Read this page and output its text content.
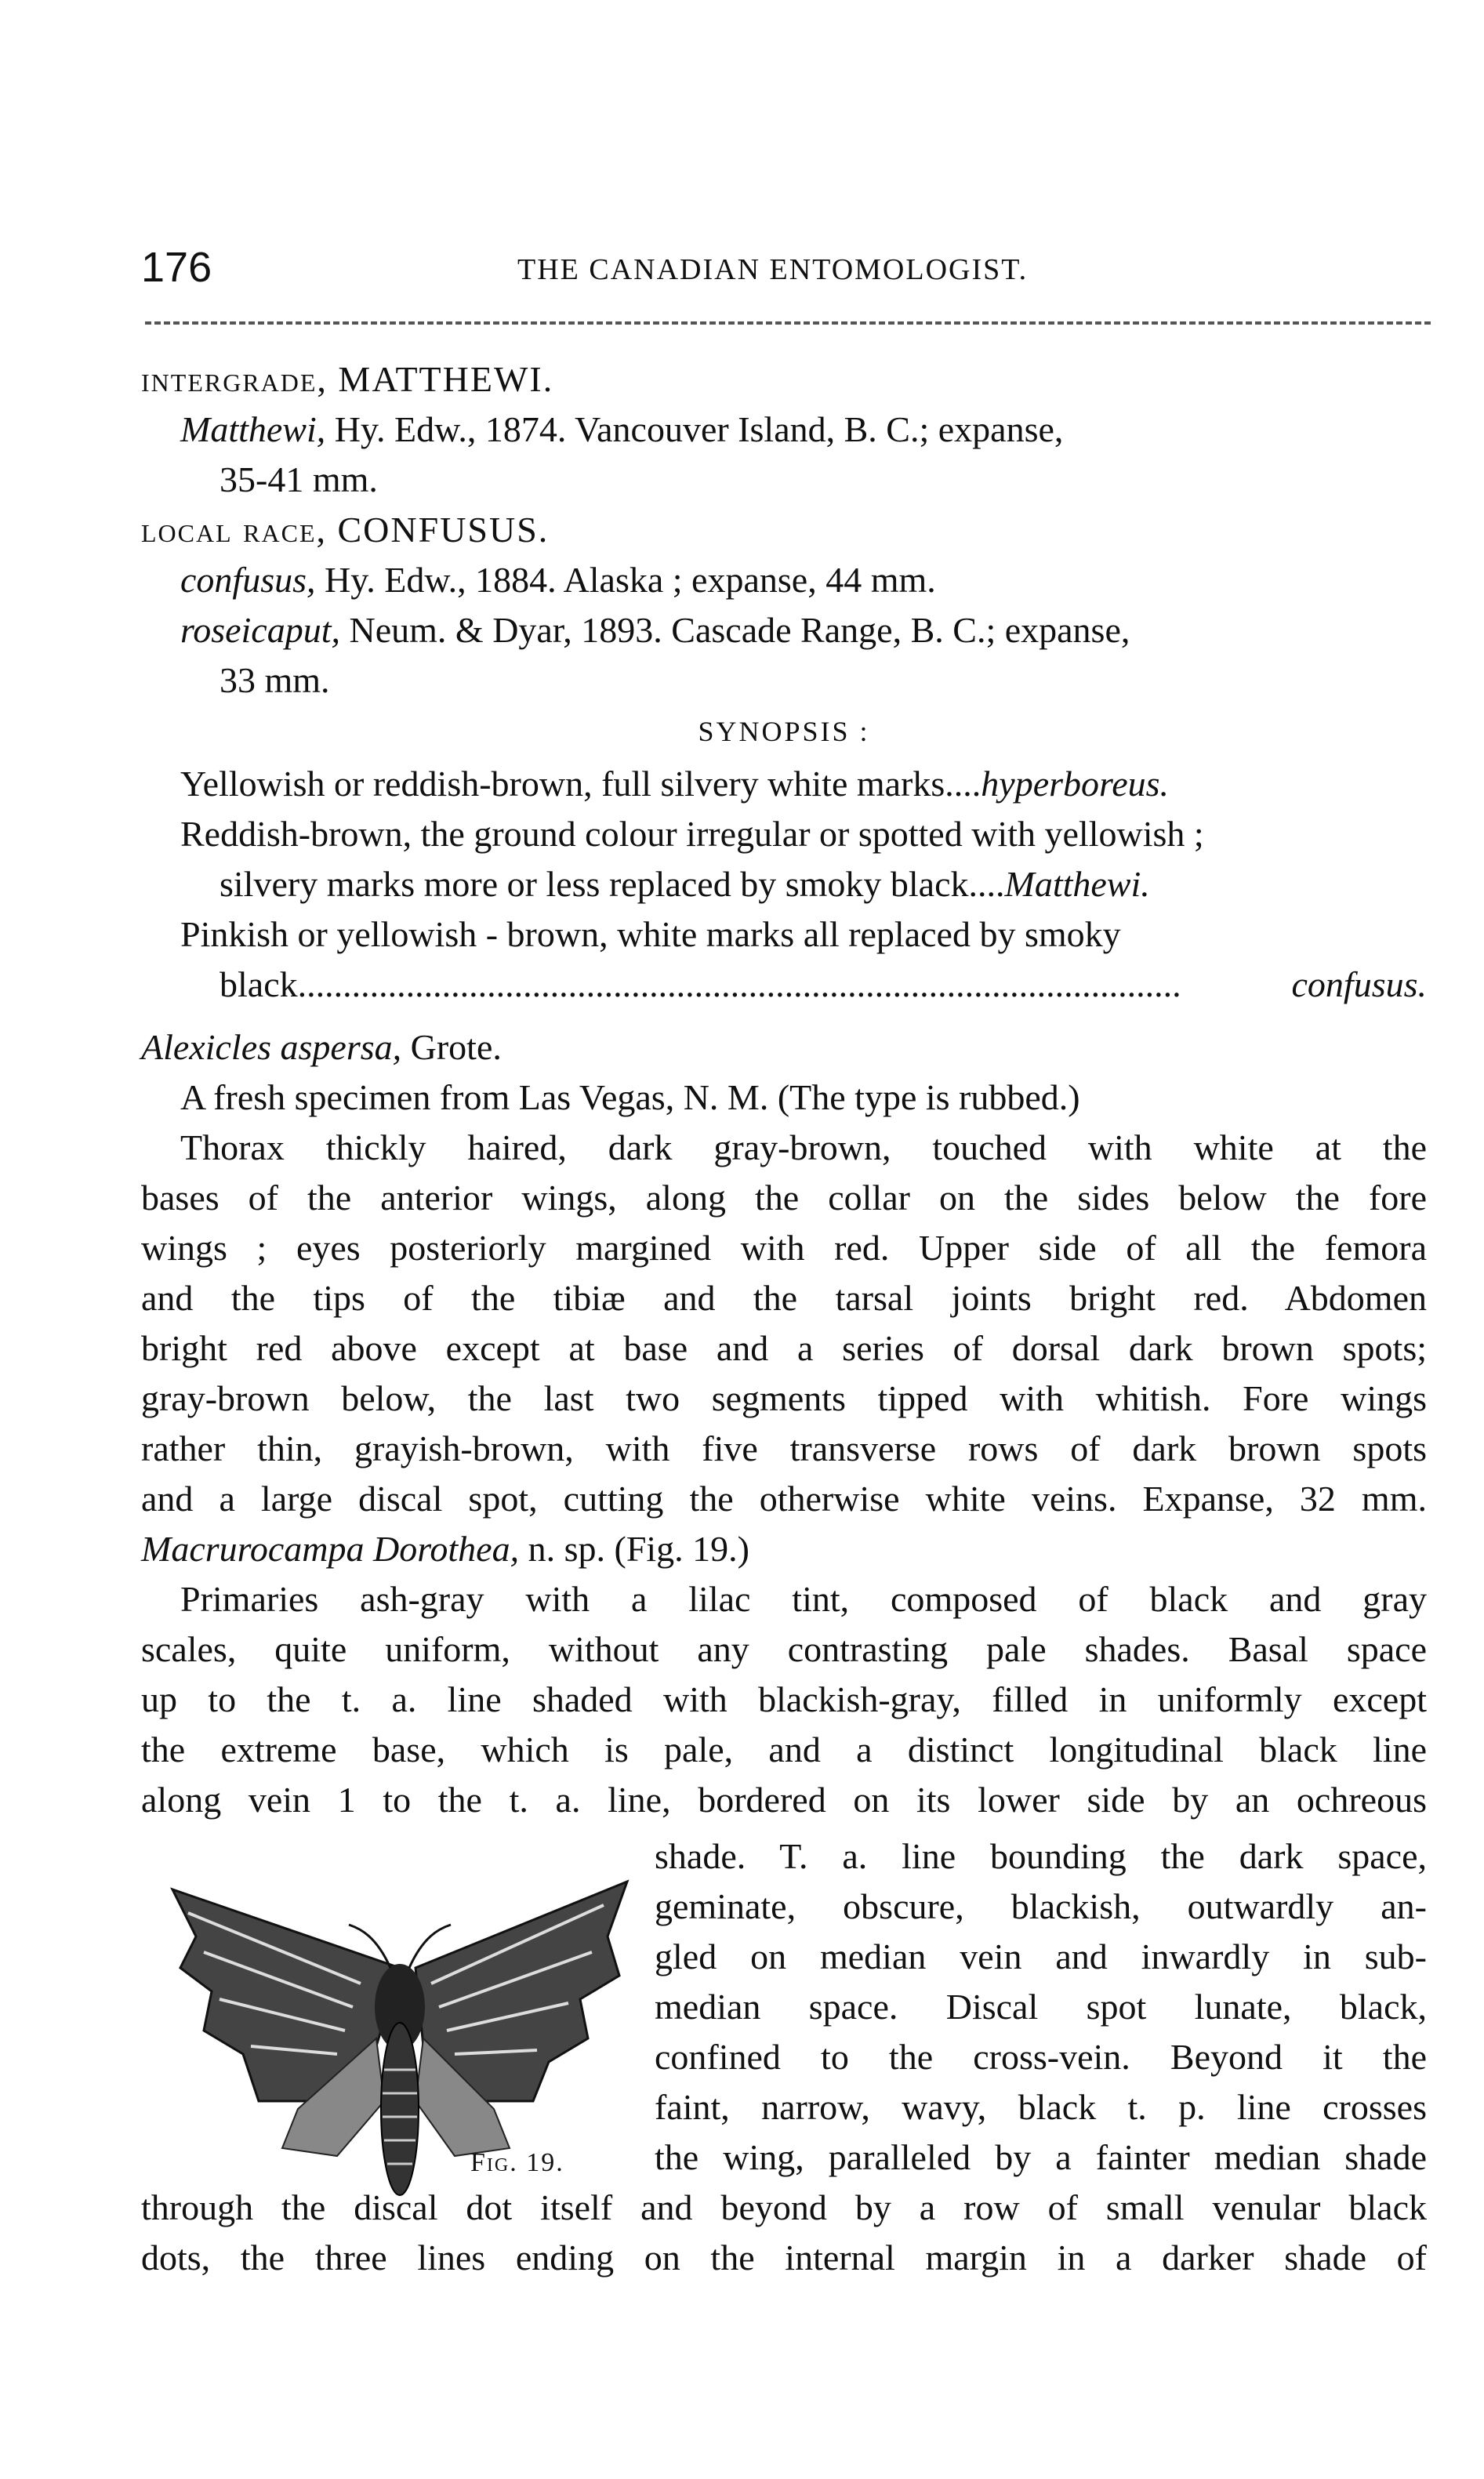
176	THE CANADIAN ENTOMOLOGIST.
intergrade, MATTHEWI.
Matthewi, Hy. Edw., 1874. Vancouver Island, B. C.; expanse,
35-41 mm.
local race, CONFUSUS.
confusus, Hy. Edw., 1884. Alaska ; expanse, 44 mm.
roseicaput, Neum. & Dyar, 1893. Cascade Range, B. C.; expanse,
33 mm.
SYNOPSIS :
Yellowish or reddish-brown, full silvery white marks....hyperboreus.
Reddish-brown, the ground colour irregular or spotted with yellowish ;
silvery marks more or less replaced by smoky black....Matthewi.
Pinkish or yellowish - brown, white marks all replaced by smoky
black ..................................................................................................	confusus.
Alexicles aspersa, Grote.
A fresh specimen from Las Vegas, N. M. (The type is rubbed.)
Thorax thickly haired, dark gray-brown, touched with white at the
bases of the anterior wings, along the collar on the sides below the fore
wings ; eyes posteriorly margined with red. Upper side of all the femora
and the tips of the tibiæ and the tarsal joints bright red. Abdomen
bright red above except at base and a series of dorsal dark brown spots;
gray-brown below, the last two segments tipped with whitish. Fore wings
rather thin, grayish-brown, with five transverse rows of dark brown spots
and a large discal spot, cutting the otherwise white veins. Expanse, 32 mm.
Macrurocampa Dorothea, n. sp. (Fig. 19.)
Primaries ash-gray with a lilac tint, composed of black and gray
scales, quite uniform, without any contrasting pale shades. Basal space
up to the t. a. line shaded with blackish-gray, filled in uniformly except
the extreme base, which is pale, and a distinct longitudinal black line
along vein 1 to the t. a. line, bordered on its lower side by an ochreous
Fig. 19.
shade. T. a. line bounding the dark space,
geminate, obscure, blackish, outwardly an-
gled on median vein and inwardly in sub-
median space. Discal spot lunate, black,
confined to the cross-vein. Beyond it the
faint, narrow, wavy, black t. p. line crosses
the wing, paralleled by a fainter median shade
through the discal dot itself and beyond by a row of small venular black
dots, the three lines ending on the internal margin in a darker shade of
